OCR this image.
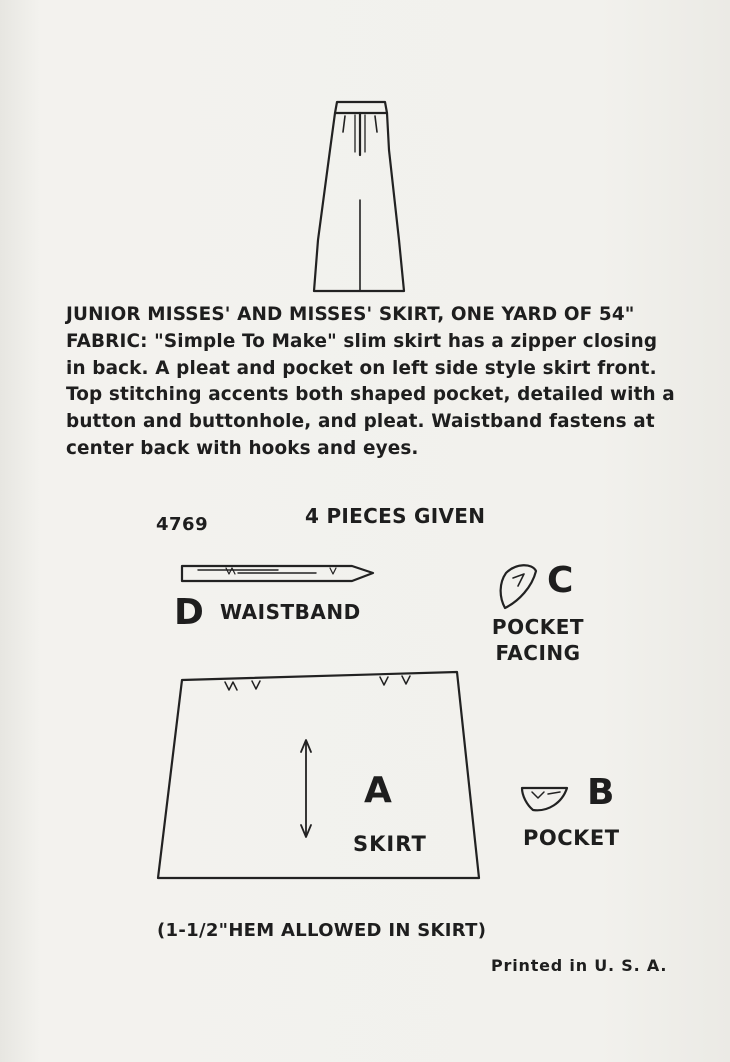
JUNIOR MISSES' AND MISSES' SKIRT, ONE YARD OF 54" FABRIC: "Simple To Make" slim skirt has a zipper closing in back. A pleat and pocket on left side style skirt front. Top stitching accents both shaped pocket, detailed with a button and buttonhole, and pleat. Waistband fastens at center back with hooks and eyes.

4769	4 PIECES GIVEN
D WAISTBAND
C
POCKET FACING
A
SKIRT
B
POCKET
(1-1/2"HEM ALLOWED IN SKIRT)
Printed in U. S. A.
